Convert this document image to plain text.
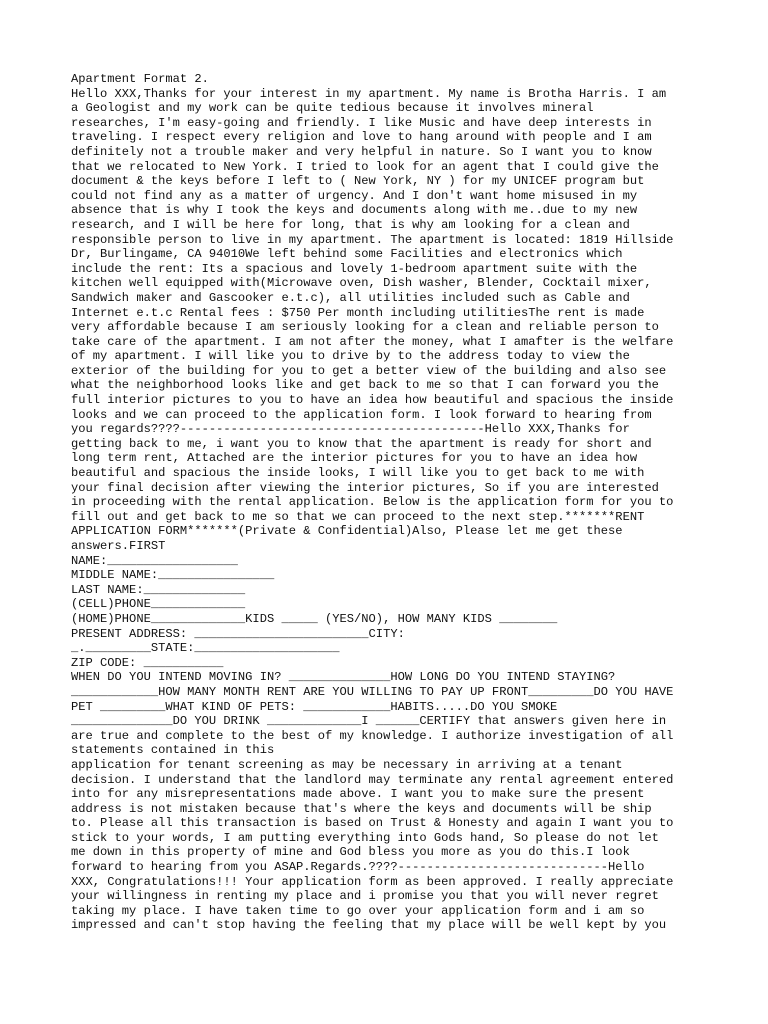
Apartment Format 2.
Hello XXX,Thanks for your interest in my apartment. My name is Brotha Harris. I am
a Geologist and my work can be quite tedious because it involves mineral
researches, I'm easy-going and friendly. I like Music and have deep interests in
traveling. I respect every religion and love to hang around with people and I am
definitely not a trouble maker and very helpful in nature. So I want you to know
that we relocated to New York. I tried to look for an agent that I could give the
document & the keys before I left to ( New York, NY ) for my UNICEF program but
could not find any as a matter of urgency. And I don't want home misused in my
absence that is why I took the keys and documents along with me..due to my new
research, and I will be here for long, that is why am looking for a clean and
responsible person to live in my apartment. The apartment is located: 1819 Hillside
Dr, Burlingame, CA 94010We left behind some Facilities and electronics which
include the rent: Its a spacious and lovely 1-bedroom apartment suite with the
kitchen well equipped with(Microwave oven, Dish washer, Blender, Cocktail mixer,
Sandwich maker and Gascooker e.t.c), all utilities included such as Cable and
Internet e.t.c Rental fees : $750 Per month including utilitiesThe rent is made
very affordable because I am seriously looking for a clean and reliable person to
take care of the apartment. I am not after the money, what I amafter is the welfare
of my apartment. I will like you to drive by to the address today to view the
exterior of the building for you to get a better view of the building and also see
what the neighborhood looks like and get back to me so that I can forward you the
full interior pictures to you to have an idea how beautiful and spacious the inside
looks and we can proceed to the application form. I look forward to hearing from
you regards????------------------------------------------Hello XXX,Thanks for
getting back to me, i want you to know that the apartment is ready for short and
long term rent, Attached are the interior pictures for you to have an idea how
beautiful and spacious the inside looks, I will like you to get back to me with
your final decision after viewing the interior pictures, So if you are interested
in proceeding with the rental application. Below is the application form for you to
fill out and get back to me so that we can proceed to the next step.*******RENT
APPLICATION FORM*******(Private & Confidential)Also, Please let me get these
answers.FIRST
NAME:__________________
MIDDLE NAME:________________
LAST NAME:______________
(CELL)PHONE_____________
(HOME)PHONE_____________KIDS _____ (YES/NO), HOW MANY KIDS ________
PRESENT ADDRESS: ________________________CITY:
_._________STATE:____________________
ZIP CODE: ___________
WHEN DO YOU INTEND MOVING IN? ______________HOW LONG DO YOU INTEND STAYING?
____________HOW MANY MONTH RENT ARE YOU WILLING TO PAY UP FRONT_________DO YOU HAVE
PET _________WHAT KIND OF PETS: ____________HABITS.....DO YOU SMOKE
______________DO YOU DRINK _____________I ______CERTIFY that answers given here in
are true and complete to the best of my knowledge. I authorize investigation of all
statements contained in this
application for tenant screening as may be necessary in arriving at a tenant
decision. I understand that the landlord may terminate any rental agreement entered
into for any misrepresentations made above. I want you to make sure the present
address is not mistaken because that's where the keys and documents will be ship
to. Please all this transaction is based on Trust & Honesty and again I want you to
stick to your words, I am putting everything into Gods hand, So please do not let
me down in this property of mine and God bless you more as you do this.I look
forward to hearing from you ASAP.Regards.????-----------------------------Hello
XXX, Congratulations!!! Your application form as been approved. I really appreciate
your willingness in renting my place and i promise you that you will never regret
taking my place. I have taken time to go over your application form and i am so
impressed and can't stop having the feeling that my place will be well kept by you
